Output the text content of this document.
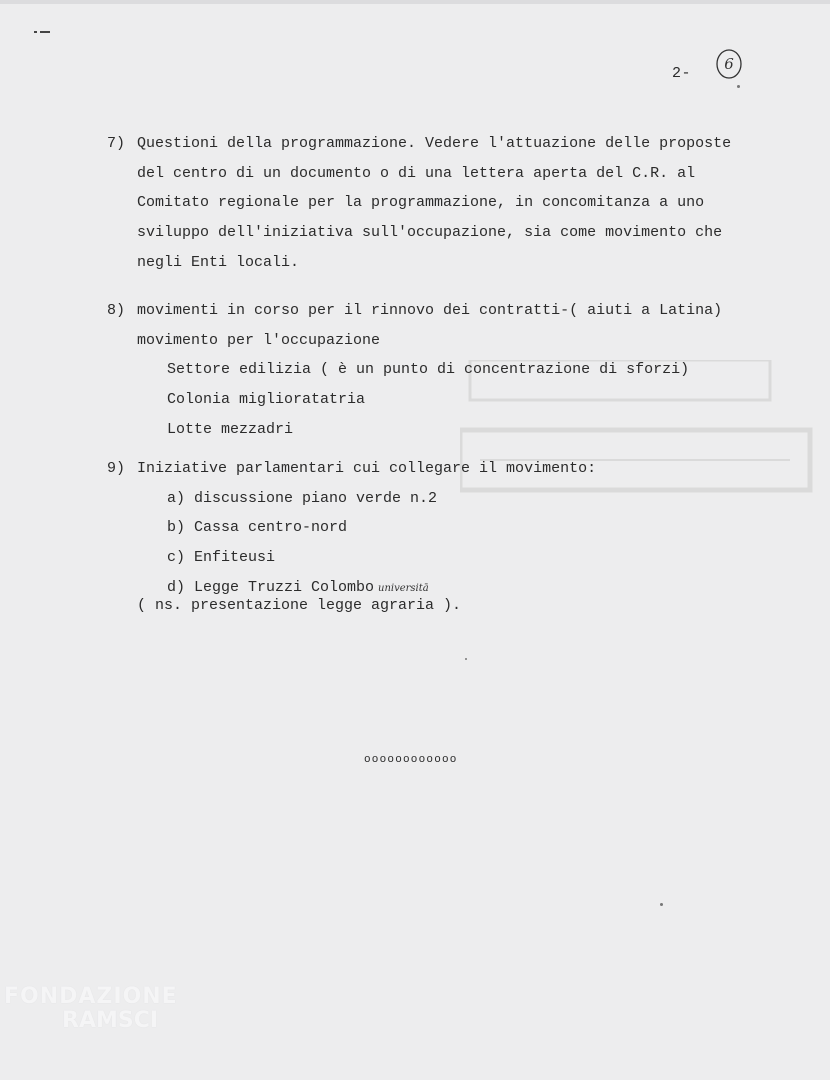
2-
6
7) Questioni della programmazione. Vedere l'attuazione delle proposte
del centro di un documento o di una lettera aperta del C.R. al
Comitato regionale per la programmazione, in concomitanza a uno
sviluppo dell'iniziativa sull'occupazione, sia come movimento che
negli Enti locali.
8) movimenti in corso per il rinnovo dei contratti-( aiuti a Latina)
movimento per l'occupazione
Settore edilizia ( è un punto di concentrazione di sforzi)
Colonia miglioratatria
Lotte mezzadri
9) Iniziative parlamentari cui collegare il movimento:
a) discussione piano verde n.2
b) Cassa centro-nord
c) Enfiteusi
d) Legge Truzzi Colombo universitā
( ns. presentazione legge agraria ).
oooooooooooo
FONDAZIONE
RAMSCI
